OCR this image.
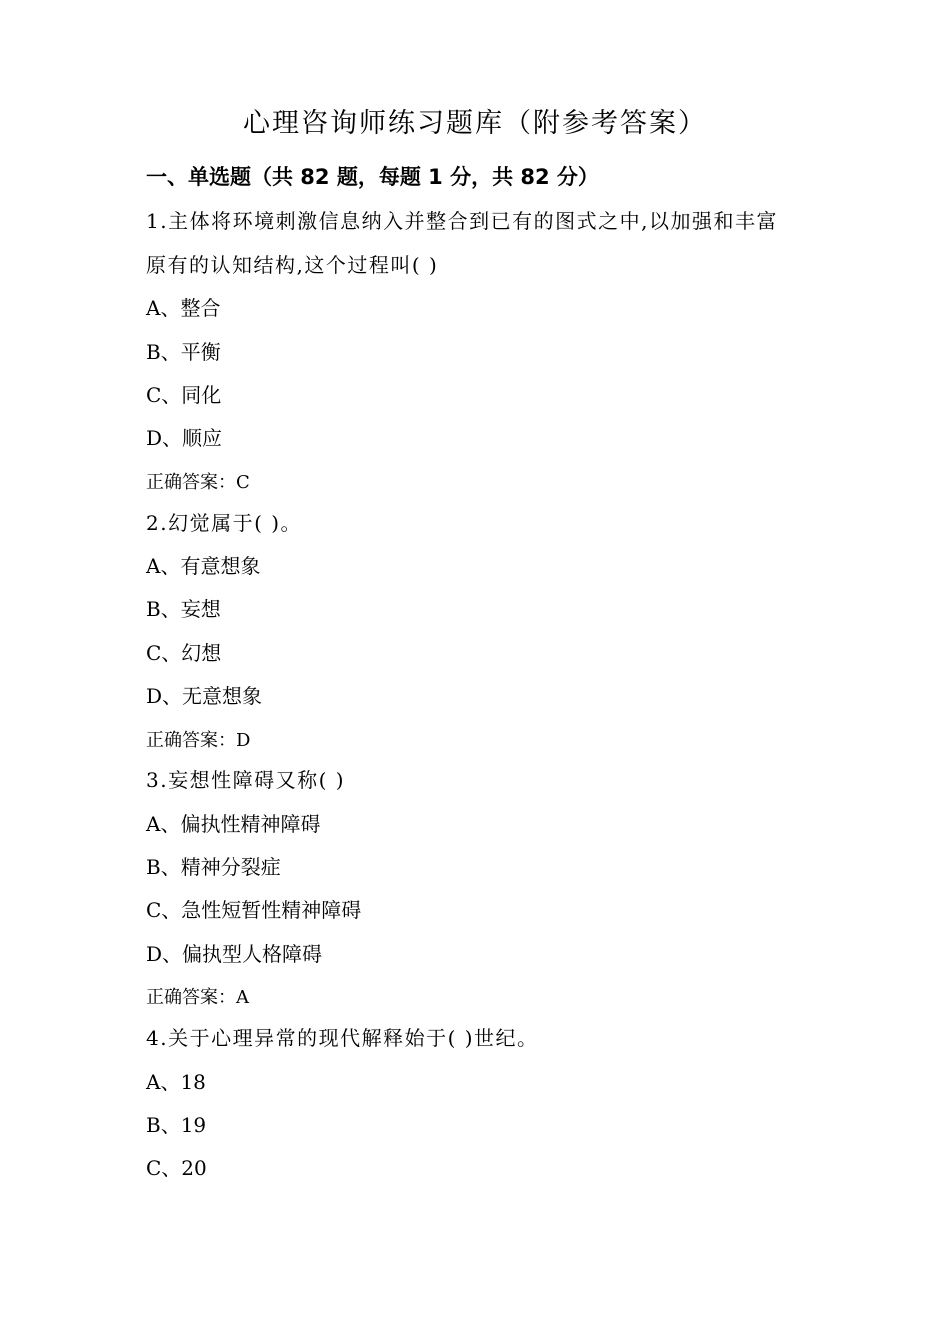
心理咨询师练习题库（附参考答案）
一、单选题（共 82 题，每题 1 分，共 82 分）
1.主体将环境刺激信息纳入并整合到已有的图式之中,以加强和丰富
原有的认知结构,这个过程叫( )
A、整合
B、平衡
C、同化
D、顺应
正确答案：C
2.幻觉属于( )。
A、有意想象
B、妄想
C、幻想
D、无意想象
正确答案：D
3.妄想性障碍又称( )
A、偏执性精神障碍
B、精神分裂症
C、急性短暂性精神障碍
D、偏执型人格障碍
正确答案：A
4.关于心理异常的现代解释始于( )世纪。
A、18
B、19
C、20
